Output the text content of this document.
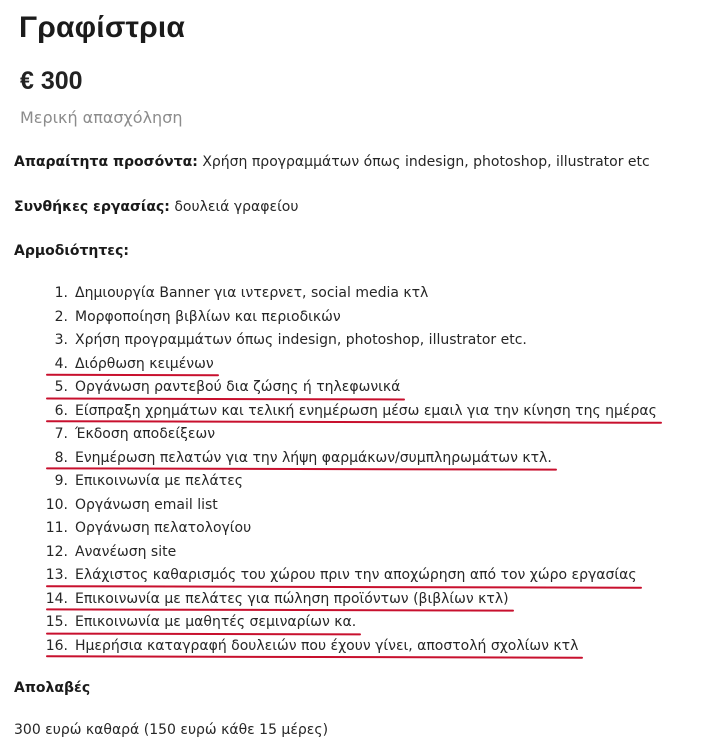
Γραφίστρια
€ 300
Μερική απασχόληση
Απαραίτητα προσόντα: Χρήση προγραμμάτων όπως indesign, photoshop, illustrator etc
Συνθήκες εργασίας: δουλειά γραφείου
Αρμοδιότητες:
1. Δημιουργία Banner για ιντερνετ, social media κτλ
2. Μορφοποίηση βιβλίων και περιοδικών
3. Χρήση προγραμμάτων όπως indesign, photoshop, illustrator etc.
4. Διόρθωση κειμένων
5. Οργάνωση ραντεβού δια ζώσης ή τηλεφωνικά
6. Είσπραξη χρημάτων και τελική ενημέρωση μέσω εμαιλ για την κίνηση της ημέρας
7. Έκδοση αποδείξεων
8. Ενημέρωση πελατών για την λήψη φαρμάκων/συμπληρωμάτων κτλ.
9. Επικοινωνία με πελάτες
10. Οργάνωση email list
11. Οργάνωση πελατολογίου
12. Ανανέωση site
13. Ελάχιστος καθαρισμός του χώρου πριν την αποχώρηση από τον χώρο εργασίας
14. Επικοινωνία με πελάτες για πώληση προϊόντων (βιβλίων κτλ)
15. Επικοινωνία με μαθητές σεμιναρίων κα.
16. Ημερήσια καταγραφή δουλειών που έχουν γίνει, αποστολή σχολίων κτλ
Απολαβές
300 ευρώ καθαρά (150 ευρώ κάθε 15 μέρες)
